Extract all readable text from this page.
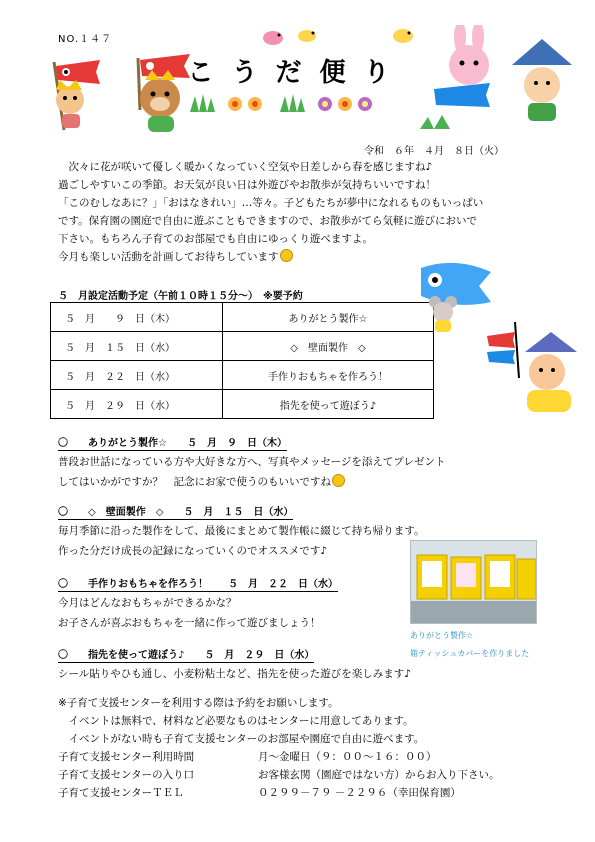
NO.１４７
こうだ便り
令和　６年　４月　８日（火）
　次々に花が咲いて優しく暖かくなっていく空気や日差しから春を感じますね♪
過ごしやすいこの季節。お天気が良い日は外遊びやお散歩が気持ちいいですね！
「このむしなあに？」「おはなきれい」…等々。子どもたちが夢中になれるものもいっぱい
です。保育園の園庭で自由に遊ぶこともできますので、お散歩がてら気軽に遊びにおいで
下さい。もちろん子育てのお部屋でも自由にゆっくり遊べますよ。
今月も楽しい活動を計画してお待ちしています
５　月設定活動予定（午前１０時１５分～）　※要予約
５　月　　９　日（木）	ありがとう製作☆
５　月　１５　日（水）	◇　壁面製作　◇
５　月　２２　日（水）	手作りおもちゃを作ろう！
５　月　２９　日（水）	指先を使って遊ぼう♪
〇　　ありがとう製作☆　　５　月　９　日（木）
普段お世話になっている方や大好きな方へ、写真やメッセージを添えてプレゼント
してはいかがですか？　記念にお家で使うのもいいですね
〇　　◇　壁面製作　◇　　５　月　１５　日（水）
毎月季節に沿った製作をして、最後にまとめて製作帳に綴じて持ち帰ります。
作った分だけ成長の記録になっていくのでオススメです♪
〇　　手作りおもちゃを作ろう！　　５　月　２２　日（水）
今月はどんなおもちゃができるかな？
お子さんが喜ぶおもちゃを一緒に作って遊びましょう！
〇　　指先を使って遊ぼう♪　　５　月　２９　日（水）
シール貼りやひも通し、小麦粉粘土など、指先を使った遊びを楽しみます♪
ありがとう製作☆
箱ティッシュカバーを作りました
※子育て支援センターを利用する際は予約をお願いします。
　イベントは無料で、材料など必要なものはセンターに用意してあります。
　イベントがない時も子育て支援センターのお部屋や園庭で自由に遊べます。
子育て支援センター利用時間	月～金曜日（９：００～１６：００）
子育て支援センターの入り口	お客様玄関（園庭ではない方）からお入り下さい。
子育て支援センターＴＥＬ	０２９９－７９ －２２９６（幸田保育園）
